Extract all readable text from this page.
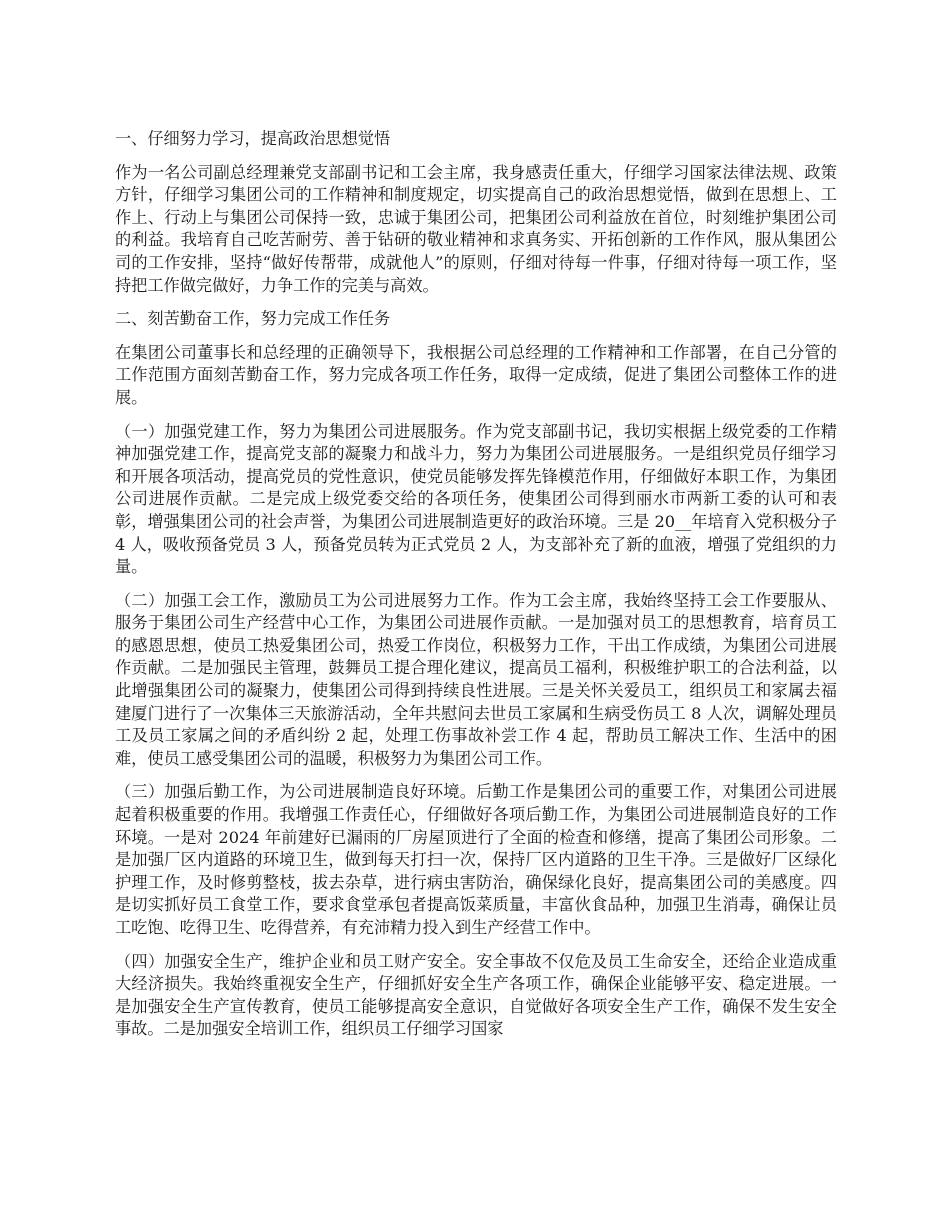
一、仔细努力学习，提高政治思想觉悟

作为一名公司副总经理兼党支部副书记和工会主席，我身感责任重大，仔细学习国家法律法规、政策方针，仔细学习集团公司的工作精神和制度规定，切实提高自己的政治思想觉悟，做到在思想上、工作上、行动上与集团公司保持一致，忠诚于集团公司，把集团公司利益放在首位，时刻维护集团公司的利益。我培育自己吃苦耐劳、善于钻研的敬业精神和求真务实、开拓创新的工作作风，服从集团公司的工作安排，坚持“做好传帮带，成就他人”的原则，仔细对待每一件事，仔细对待每一项工作，坚持把工作做完做好，力争工作的完美与高效。

二、刻苦勤奋工作，努力完成工作任务

在集团公司董事长和总经理的正确领导下，我根据公司总经理的工作精神和工作部署，在自己分管的工作范围方面刻苦勤奋工作，努力完成各项工作任务，取得一定成绩，促进了集团公司整体工作的进展。

（一）加强党建工作，努力为集团公司进展服务。作为党支部副书记，我切实根据上级党委的工作精神加强党建工作，提高党支部的凝聚力和战斗力，努力为集团公司进展服务。一是组织党员仔细学习和开展各项活动，提高党员的党性意识，使党员能够发挥先锋模范作用，仔细做好本职工作，为集团公司进展作贡献。二是完成上级党委交给的各项任务，使集团公司得到丽水市两新工委的认可和表彰，增强集团公司的社会声誉，为集团公司进展制造更好的政治环境。三是 20__年培育入党积极分子 4 人，吸收预备党员 3 人，预备党员转为正式党员 2 人，为支部补充了新的血液，增强了党组织的力量。

（二）加强工会工作，激励员工为公司进展努力工作。作为工会主席，我始终坚持工会工作要服从、服务于集团公司生产经营中心工作，为集团公司进展作贡献。一是加强对员工的思想教育，培育员工的感恩思想，使员工热爱集团公司，热爱工作岗位，积极努力工作，干出工作成绩，为集团公司进展作贡献。二是加强民主管理，鼓舞员工提合理化建议，提高员工福利，积极维护职工的合法利益，以此增强集团公司的凝聚力，使集团公司得到持续良性进展。三是关怀关爱员工，组织员工和家属去福建厦门进行了一次集体三天旅游活动，全年共慰问去世员工家属和生病受伤员工 8 人次，调解处理员工及员工家属之间的矛盾纠纷 2 起，处理工伤事故补尝工作 4 起，帮助员工解决工作、生活中的困难，使员工感受集团公司的温暖，积极努力为集团公司工作。

（三）加强后勤工作，为公司进展制造良好环境。后勤工作是集团公司的重要工作，对集团公司进展起着积极重要的作用。我增强工作责任心，仔细做好各项后勤工作，为集团公司进展制造良好的工作环境。一是对 2024 年前建好已漏雨的厂房屋顶进行了全面的检查和修缮，提高了集团公司形象。二是加强厂区内道路的环境卫生，做到每天打扫一次，保持厂区内道路的卫生干净。三是做好厂区绿化护理工作，及时修剪整枝，拔去杂草，进行病虫害防治，确保绿化良好，提高集团公司的美感度。四是切实抓好员工食堂工作，要求食堂承包者提高饭菜质量，丰富伙食品种，加强卫生消毒，确保让员工吃饱、吃得卫生、吃得营养，有充沛精力投入到生产经营工作中。

（四）加强安全生产，维护企业和员工财产安全。安全事故不仅危及员工生命安全，还给企业造成重大经济损失。我始终重视安全生产，仔细抓好安全生产各项工作，确保企业能够平安、稳定进展。一是加强安全生产宣传教育，使员工能够提高安全意识，自觉做好各项安全生产工作，确保不发生安全事故。二是加强安全培训工作，组织员工仔细学习国家
